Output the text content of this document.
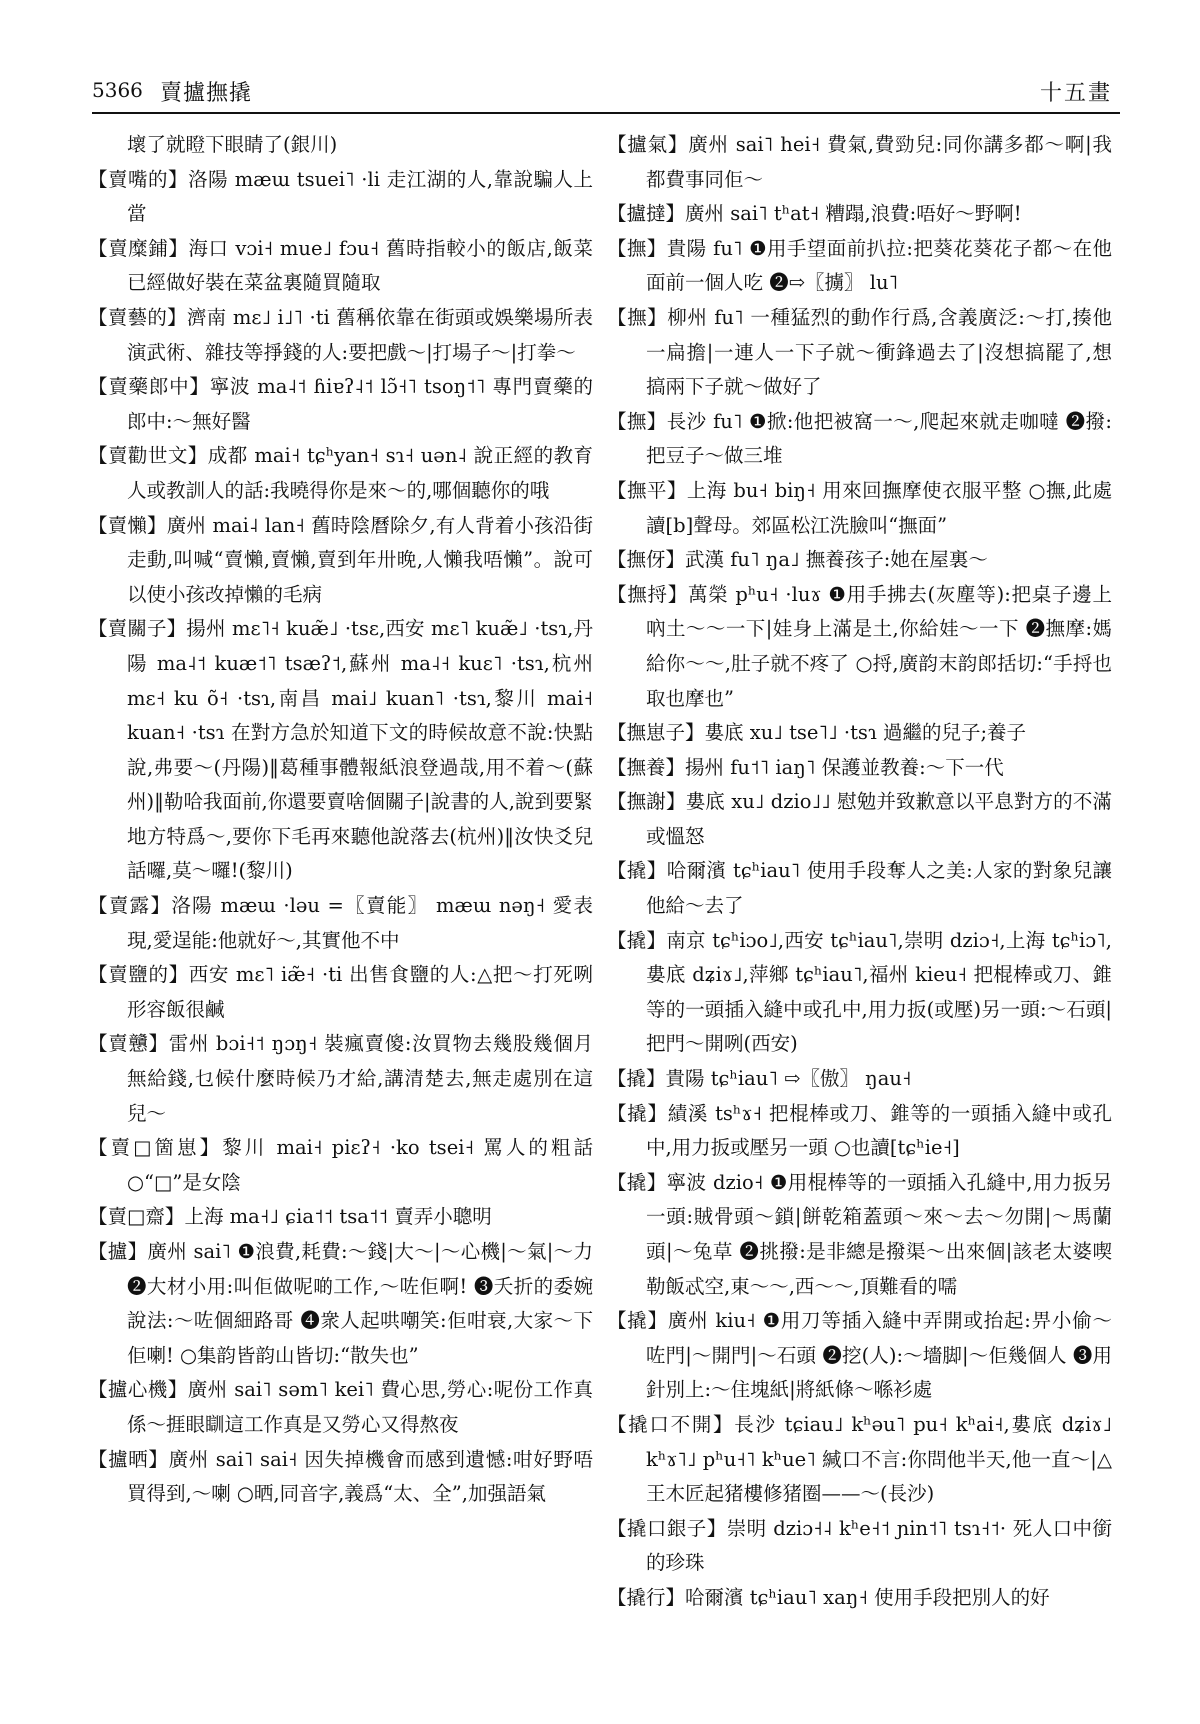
5366 賣攎撫撬	十五畫

壞了就瞪下眼睛了(銀川)

【賣嘴的】洛陽 mæɯ tsuei˥ ·li 走江湖的人,靠說騙人上當

【賣糜鋪】海口 vɔi˧ mue˩ fɔu˧ 舊時指較小的飯店,飯菜已經做好裝在菜盆裏隨買隨取

【賣藝的】濟南 mɛ˩ i˩˥ ·ti 舊稱依靠在街頭或娛樂場所表演武術、雜技等掙錢的人:要把戲～|打場子～|打拳～

【賣藥郎中】寧波 ma˨˦ ɦiɐʔ˨˦ lɔ̃˧˥ tsoŋ˦˥ 專門賣藥的郎中:～無好醫

【賣勸世文】成都 mai˧ tɕʰyan˧ sɿ˧ uən˨ 說正經的教育人或教訓人的話:我曉得你是來～的,哪個聽你的哦

【賣懶】廣州 mai˨ lan˧ 舊時陰曆除夕,有人背着小孩沿街走動,叫喊“賣懶,賣懶,賣到年卅晚,人懶我唔懶”。說可以使小孩改掉懶的毛病

【賣關子】揚州 mɛ˥˧ kuæ̃˩ ·tsɛ,西安 mɛ˥ kuæ̃˩ ·tsɿ,丹陽 ma˨˦ kuæ˦˥ tsæʔ˦,蘇州 ma˨˧ kuɛ˥ ·tsɿ,杭州 mɛ˧ ku õ˧ ·tsɿ,南昌 mai˩ kuan˥ ·tsɿ,黎川 mai˧ kuan˧ ·tsɿ 在對方急於知道下文的時候故意不說:快點說,弗要～(丹陽)‖葛種事體報紙浪登過哉,用不着～(蘇州)‖勒哈我面前,你還要賣啥個關子|說書的人,說到要緊地方特爲～,要你下毛再來聽他說落去(杭州)‖汝快爻兒話囉,莫～囉!(黎川)

【賣露】洛陽 mæɯ ·ləu =〖賣能〗 mæɯ nəŋ˧ 愛表現,愛逞能:他就好～,其實他不中

【賣鹽的】西安 mɛ˥ iæ̃˧ ·ti 出售食鹽的人:△把～打死咧形容飯很鹹

【賣戇】雷州 bɔi˧˦ ŋɔŋ˧ 裝瘋賣傻:汝買物去幾股幾個月無給錢,乜候什麼時候乃才給,講清楚去,無走處別在這兒～

【賣□箇崽】黎川 mai˧ piɛʔ˧ ·ko tsei˧ 罵人的粗話 ○“□”是女陰

【賣□齋】上海 ma˧˩ ɕia˦˦ tsa˦˦ 賣弄小聰明

【攎】廣州 sai˥ ❶浪費,耗費:～錢|大～|～心機|～氣|～力 ❷大材小用:叫佢做呢啲工作,～咗佢啊! ❸夭折的委婉說法:～咗個細路哥 ❹衆人起哄嘲笑:佢咁衰,大家～下佢喇! ○集韵皆韵山皆切:“散失也”

【攎心機】廣州 sai˥ səm˥ kei˥ 費心思,勞心:呢份工作真係～捱眼瞓這工作真是又勞心又得熬夜

【攎晒】廣州 sai˥ sai˧ 因失掉機會而感到遺憾:咁好野唔買得到,～喇 ○晒,同音字,義爲“太、全”,加强語氣

【攎氣】廣州 sai˥ hei˧ 費氣,費勁兒:同你講多都～啊|我都費事同佢～

【攎撻】廣州 sai˥ tʰat˧ 糟蹋,浪費:唔好～野啊!

【撫】貴陽 fu˥ ❶用手望面前扒拉:把葵花葵花子都～在他面前一個人吃 ❷⇨〖擄〗 lu˥

【撫】柳州 fu˥ 一種猛烈的動作行爲,含義廣泛:～打,揍他一扁擔|一連人一下子就～衝鋒過去了|沒想搞罷了,想搞兩下子就～做好了

【撫】長沙 fu˥ ❶掀:他把被窩一～,爬起來就走咖噠 ❷撥:把豆子～做三堆

【撫平】上海 bu˧ biŋ˧ 用來回撫摩使衣服平整 ○撫,此處讀[b]聲母。郊區松江洗臉叫“撫面”

【撫伢】武漢 fu˥ ŋa˩ 撫養孩子:她在屋裏～

【撫捋】萬榮 pʰu˧ ·luɤ ❶用手拂去(灰塵等):把桌子邊上吶土～～一下|娃身上滿是土,你給娃～一下 ❷撫摩:媽給你～～,肚子就不疼了 ○捋,廣韵末韵郎括切:“手捋也取也摩也”

【撫崽子】婁底 xu˩ tse˥˩ ·tsɿ 過繼的兒子;養子

【撫養】揚州 fu˦˥ iaŋ˥ 保護並教養:～下一代

【撫謝】婁底 xu˩ dzio˩˩ 慰勉并致歉意以平息對方的不滿或慍怒

【撬】哈爾濱 tɕʰiau˥ 使用手段奪人之美:人家的對象兒讓他給～去了

【撬】南京 tɕʰiɔo˩,西安 tɕʰiau˥,崇明 dziɔ˧,上海 tɕʰiɔ˥,婁底 dʑiɤ˩,萍鄉 tɕʰiau˥,福州 kieu˧ 把棍棒或刀、錐等的一頭插入縫中或孔中,用力扳(或壓)另一頭:～石頭|把門～開咧(西安)

【撬】貴陽 tɕʰiau˥ ⇨〖傲〗 ŋau˧

【撬】績溪 tsʰɤ˧ 把棍棒或刀、錐等的一頭插入縫中或孔中,用力扳或壓另一頭 ○也讀[tɕʰie˧]

【撬】寧波 dzio˧ ❶用棍棒等的一頭插入孔縫中,用力扳另一頭:賊骨頭～鎖|餅乾箱蓋頭～來～去～勿開|～馬蘭頭|～兔草 ❷挑撥:是非總是撥渠～出來個|該老太婆喫勒飯忒空,東～～,西～～,頂難看的嚅

【撬】廣州 kiu˧ ❶用刀等插入縫中弄開或抬起:畀小偷～咗門|～開門|～石頭 ❷挖(人):～墻脚|～佢幾個人 ❸用針別上:～住塊紙|將紙條～喺衫處

【撬口不開】長沙 tɕiau˩ kʰəu˥ pu˧ kʰai˧,婁底 dʑiɤ˩ kʰɤ˥˩ pʰu˧˥ kʰue˥ 緘口不言:你問他半天,他一直～|△王木匠起猪樓修猪圈——～(長沙)

【撬口銀子】崇明 dziɔ˧˨ kʰe˧˦ ɲin˦˥ tsɿ˧˦· 死人口中銜的珍珠

【撬行】哈爾濱 tɕʰiau˥ xaŋ˧ 使用手段把別人的好
